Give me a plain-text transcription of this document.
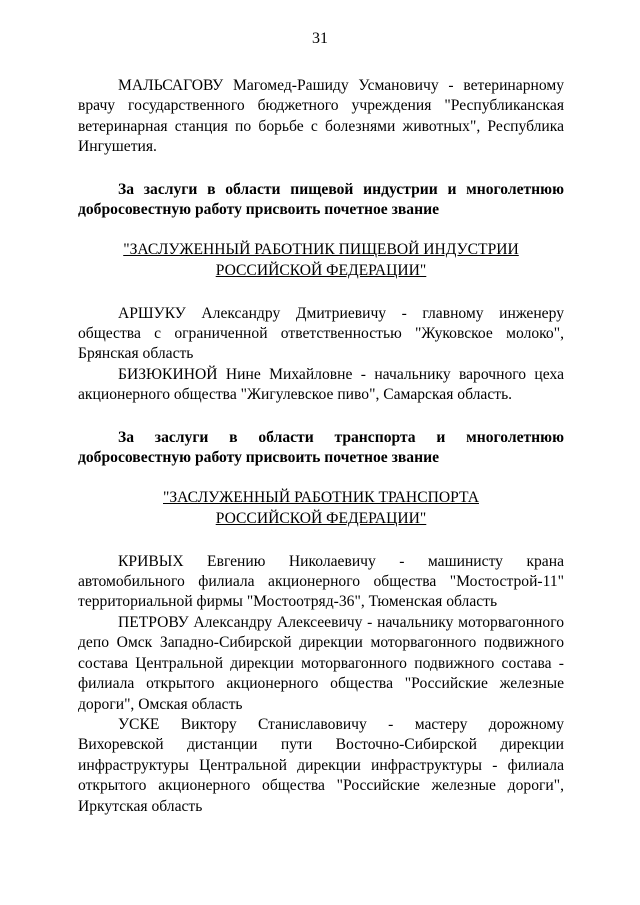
31

МАЛЬСАГОВУ Магомед-Рашиду Усмановичу - ветеринарному врачу государственного бюджетного учреждения "Республиканская ветеринарная станция по борьбе с болезнями животных", Республика Ингушетия.

За заслуги в области пищевой индустрии и многолетнюю добросовестную работу присвоить почетное звание

"ЗАСЛУЖЕННЫЙ РАБОТНИК ПИЩЕВОЙ ИНДУСТРИИ
РОССИЙСКОЙ ФЕДЕРАЦИИ"

АРШУКУ Александру Дмитриевичу - главному инженеру общества с ограниченной ответственностью "Жуковское молоко", Брянская область

БИЗЮКИНОЙ Нине Михайловне - начальнику варочного цеха акционерного общества "Жигулевское пиво", Самарская область.

За заслуги в области транспорта и многолетнюю добросовестную работу присвоить почетное звание

"ЗАСЛУЖЕННЫЙ РАБОТНИК ТРАНСПОРТА
РОССИЙСКОЙ ФЕДЕРАЦИИ"

КРИВЫХ Евгению Николаевичу - машинисту крана автомобильного филиала акционерного общества "Мостострой-11" территориальной фирмы "Мостоотряд-36", Тюменская область

ПЕТРОВУ Александру Алексеевичу - начальнику моторвагонного депо Омск Западно-Сибирской дирекции моторвагонного подвижного состава Центральной дирекции моторвагонного подвижного состава - филиала открытого акционерного общества "Российские железные дороги", Омская область

УСКЕ Виктору Станиславовичу - мастеру дорожному Вихоревской дистанции пути Восточно-Сибирской дирекции инфраструктуры Центральной дирекции инфраструктуры - филиала открытого акционерного общества "Российские железные дороги", Иркутская область
